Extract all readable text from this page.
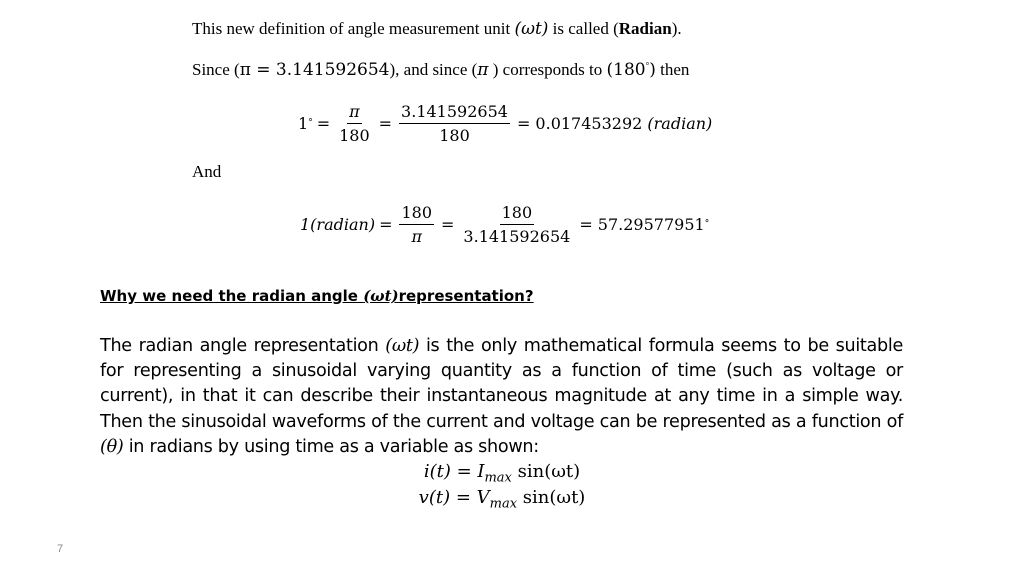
This new definition of angle measurement unit (ωt) is called (Radian).
Since (π = 3.141592654), and since (π ) corresponds to (180°) then
1 ° = $\frac{\pi}{180} = \frac{3.141592654}{180} = 0.017453292$
(radian)
And
1(radian) = $\frac{180}{\pi} = \frac{180}{3.141592654} = 57.29577951$ °
Why we need the radian angle (ωt)representation?
The radian angle representation (ωt) is the only mathematical formula seems to be suitable for representing a sinusoidal varying quantity as a function of time (such as voltage or current), in that it can describe their instantaneous magnitude at any time in a simple way. Then the sinusoidal waveforms of the current and voltage can be represented as a function of (θ) in radians by using time as a variable as shown:
$i(t) = I_{max}$ sin(ωt)
$v(t) = V_{max}$ sin(ωt)
7
